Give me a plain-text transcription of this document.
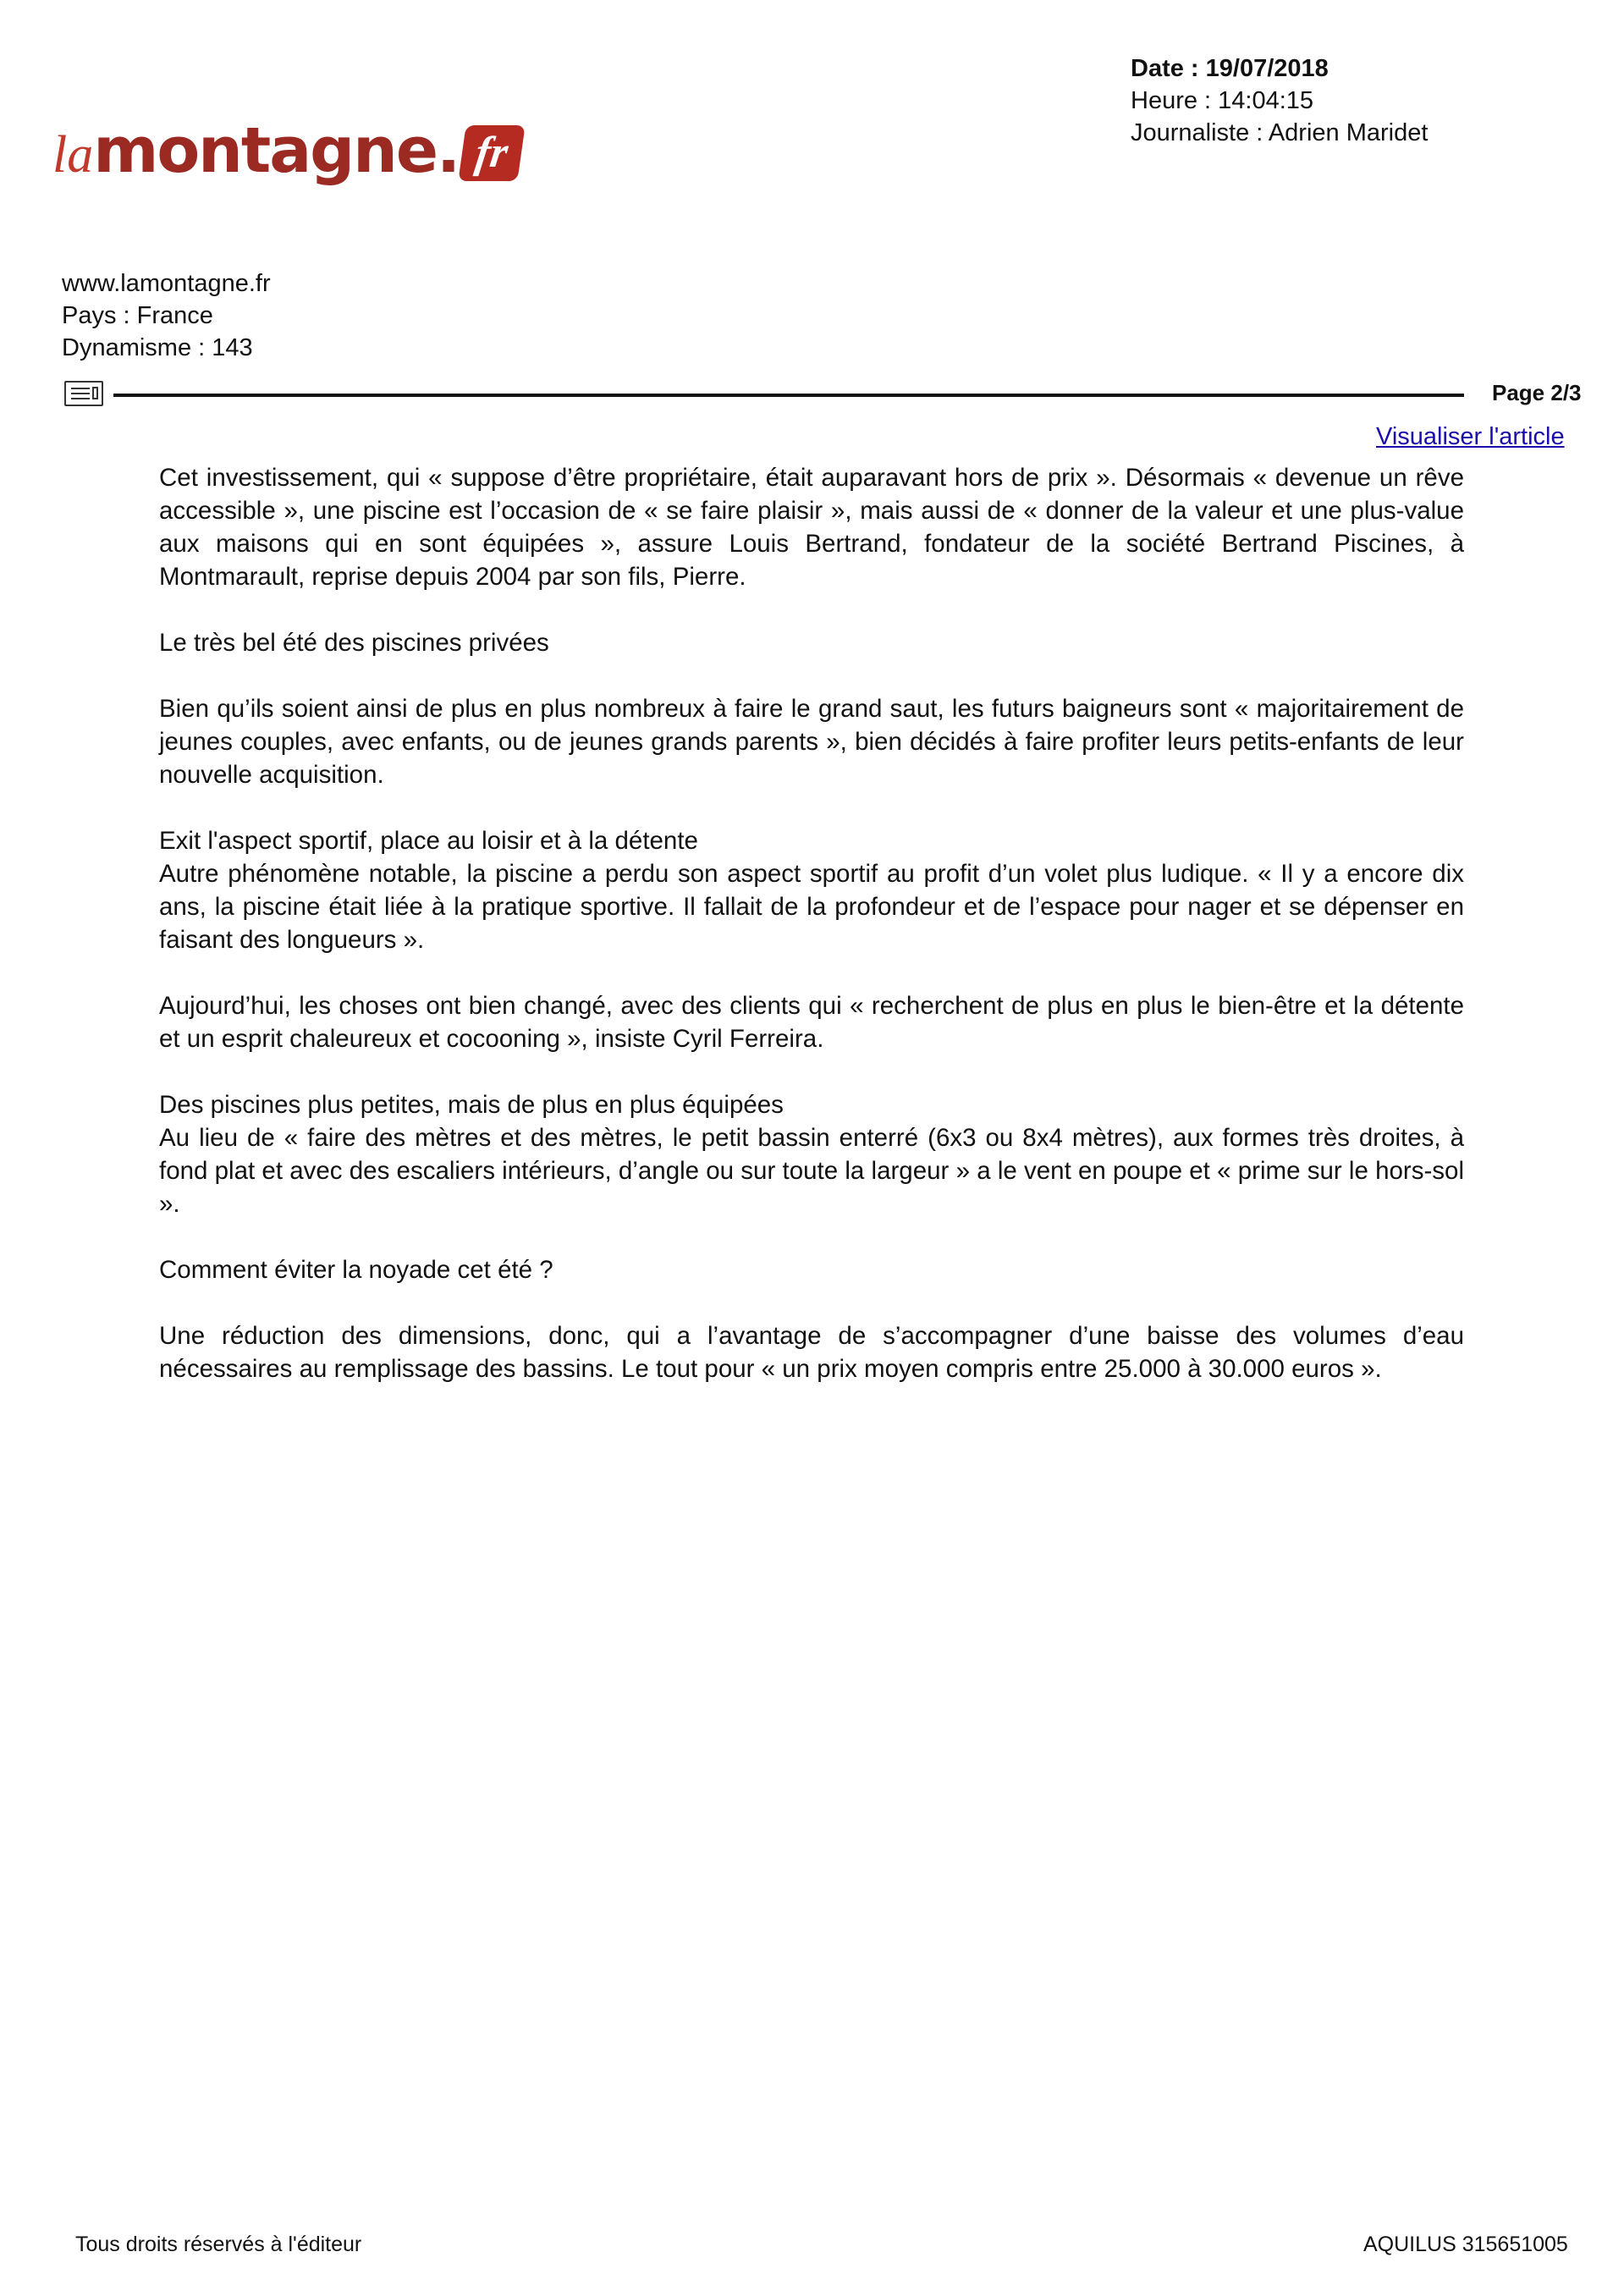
Date : 19/07/2018
Heure : 14:04:15
Journaliste : Adrien Maridet
lamontagne. fr
www.lamontagne.fr
Pays : France
Dynamisme : 143
Page 2/3
Visualiser l'article

Cet investissement, qui « suppose d’être propriétaire, était auparavant hors de prix ». Désormais « devenue un rêve accessible », une piscine est l’occasion de « se faire plaisir », mais aussi de « donner de la valeur et une plus-value aux maisons qui en sont équipées », assure Louis Bertrand, fondateur de la société Bertrand Piscines, à Montmarault, reprise depuis 2004 par son fils, Pierre.

Le très bel été des piscines privées

Bien qu’ils soient ainsi de plus en plus nombreux à faire le grand saut, les futurs baigneurs sont « majoritairement de jeunes couples, avec enfants, ou de jeunes grands parents », bien décidés à faire profiter leurs petits-enfants de leur nouvelle acquisition.

Exit l'aspect sportif, place au loisir et à la détente

Autre phénomène notable, la piscine a perdu son aspect sportif au profit d’un volet plus ludique. « Il y a encore dix ans, la piscine était liée à la pratique sportive. Il fallait de la profondeur et de l’espace pour nager et se dépenser en faisant des longueurs ».

Aujourd’hui, les choses ont bien changé, avec des clients qui « recherchent de plus en plus le bien-être et la détente et un esprit chaleureux et cocooning », insiste Cyril Ferreira.

Des piscines plus petites, mais de plus en plus équipées

Au lieu de « faire des mètres et des mètres, le petit bassin enterré (6x3 ou 8x4 mètres), aux formes très droites, à fond plat et avec des escaliers intérieurs, d’angle ou sur toute la largeur » a le vent en poupe et « prime sur le hors-sol ».

Comment éviter la noyade cet été ?

Une réduction des dimensions, donc, qui a l’avantage de s’accompagner d’une baisse des volumes d’eau nécessaires au remplissage des bassins. Le tout pour « un prix moyen compris entre 25.000 à 30.000 euros ».

Tous droits réservés à l'éditeur	AQUILUS 315651005
